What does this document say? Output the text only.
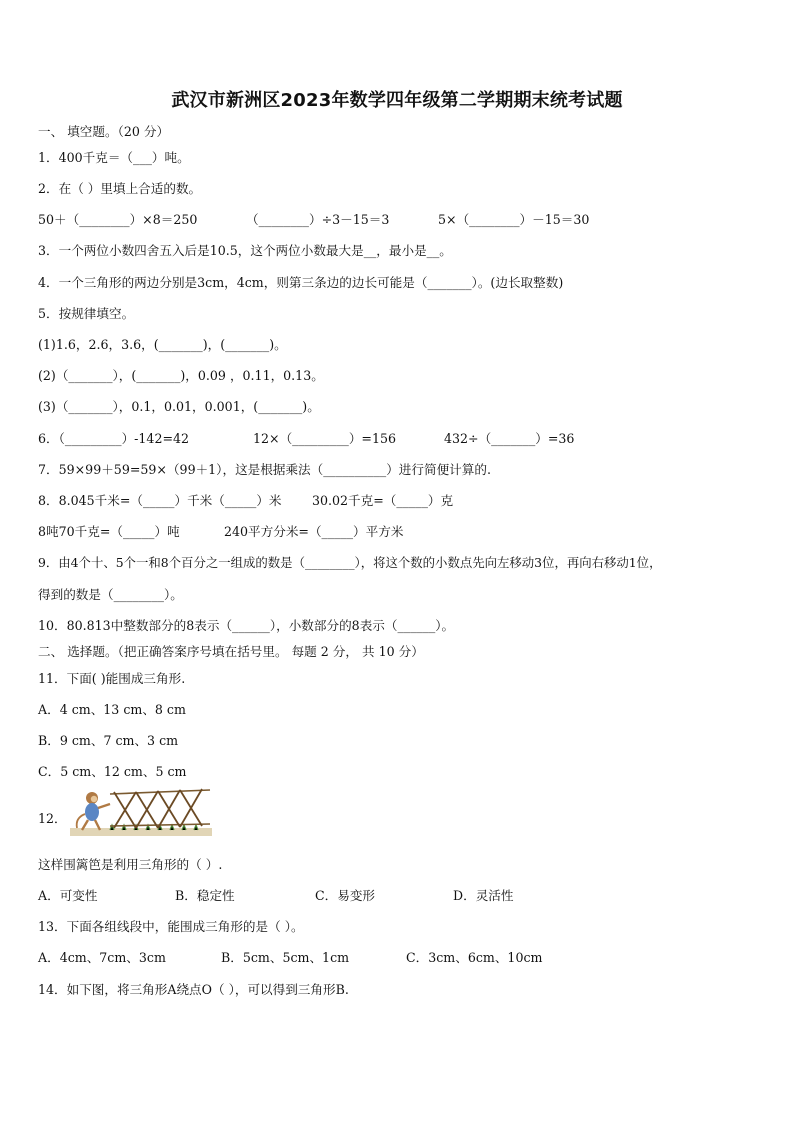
武汉市新洲区2023年数学四年级第二学期期末统考试题
一、 填空题。（20 分）
1．400千克＝（___）吨。
2．在（ ）里填上合适的数。
50＋（________）×8＝250	（________）÷3－15＝3	5×（________）－15＝30
3．一个两位小数四舍五入后是10.5，这个两位小数最大是__，最小是__。
4．一个三角形的两边分别是3cm，4cm，则第三条边的边长可能是（_______）。(边长取整数)
5．按规律填空。
(1)1.6，2.6，3.6，(_______)，(_______)。
(2)（_______），(_______)，0.09 ，0.11，0.13。
(3)（_______），0.1，0.01，0.001，(_______)。
6．（_________）-142=42	12×（_________）=156	432÷（_______）=36
7．59×99＋59=59×（99＋1），这是根据乘法（__________）进行简便计算的.
8．8.045千米=（_____）千米（_____）米 30.02千克=（_____）克
8吨70千克=（_____）吨	240平方分米=（_____）平方米
9．由4个十、5个一和8个百分之一组成的数是（________），将这个数的小数点先向左移动3位，再向右移动1位，
得到的数是（________）。
10．80.813中整数部分的8表示（______），小数部分的8表示（______）。
二、 选择题。（把正确答案序号填在括号里。 每题 2 分， 共 10 分）
11．下面( )能围成三角形.
A．4 cm、13 cm、8 cm
B．9 cm、7 cm、3 cm
C．5 cm、12 cm、5 cm
12．
这样围篱笆是利用三角形的（ ）.
A．可变性	B．稳定性	C．易变形	D．灵活性
13．下面各组线段中，能围成三角形的是（ ）。
A．4cm、7cm、3cm	B．5cm、5cm、1cm	C．3cm、6cm、10cm
14．如下图，将三角形A绕点O（ ），可以得到三角形B.
